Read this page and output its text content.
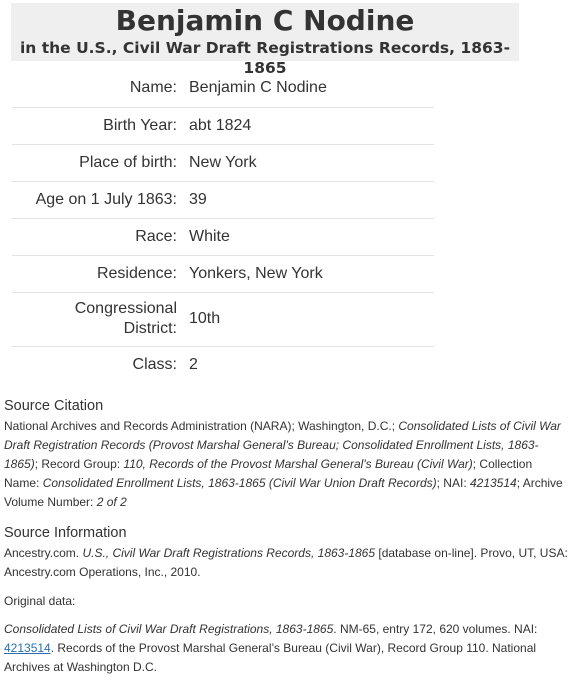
Benjamin C Nodine
in the U.S., Civil War Draft Registrations Records, 1863-1865
Name:	Benjamin C Nodine
Birth Year:	abt 1824
Place of birth:	New York
Age on 1 July 1863:	39
Race:	White
Residence:	Yonkers, New York
Congressional
District:	10th
Class:	2
Source Citation
National Archives and Records Administration (NARA); Washington, D.C.; Consolidated Lists of Civil War Draft Registration Records (Provost Marshal General's Bureau; Consolidated Enrollment Lists, 1863-1865); Record Group: 110, Records of the Provost Marshal General's Bureau (Civil War); Collection Name: Consolidated Enrollment Lists, 1863-1865 (Civil War Union Draft Records); NAI: 4213514; Archive Volume Number: 2 of 2
Source Information
Ancestry.com. U.S., Civil War Draft Registrations Records, 1863-1865 [database on-line]. Provo, UT, USA: Ancestry.com Operations, Inc., 2010.
Original data:
Consolidated Lists of Civil War Draft Registrations, 1863-1865. NM-65, entry 172, 620 volumes. NAI: 4213514. Records of the Provost Marshal General’s Bureau (Civil War), Record Group 110. National Archives at Washington D.C.
